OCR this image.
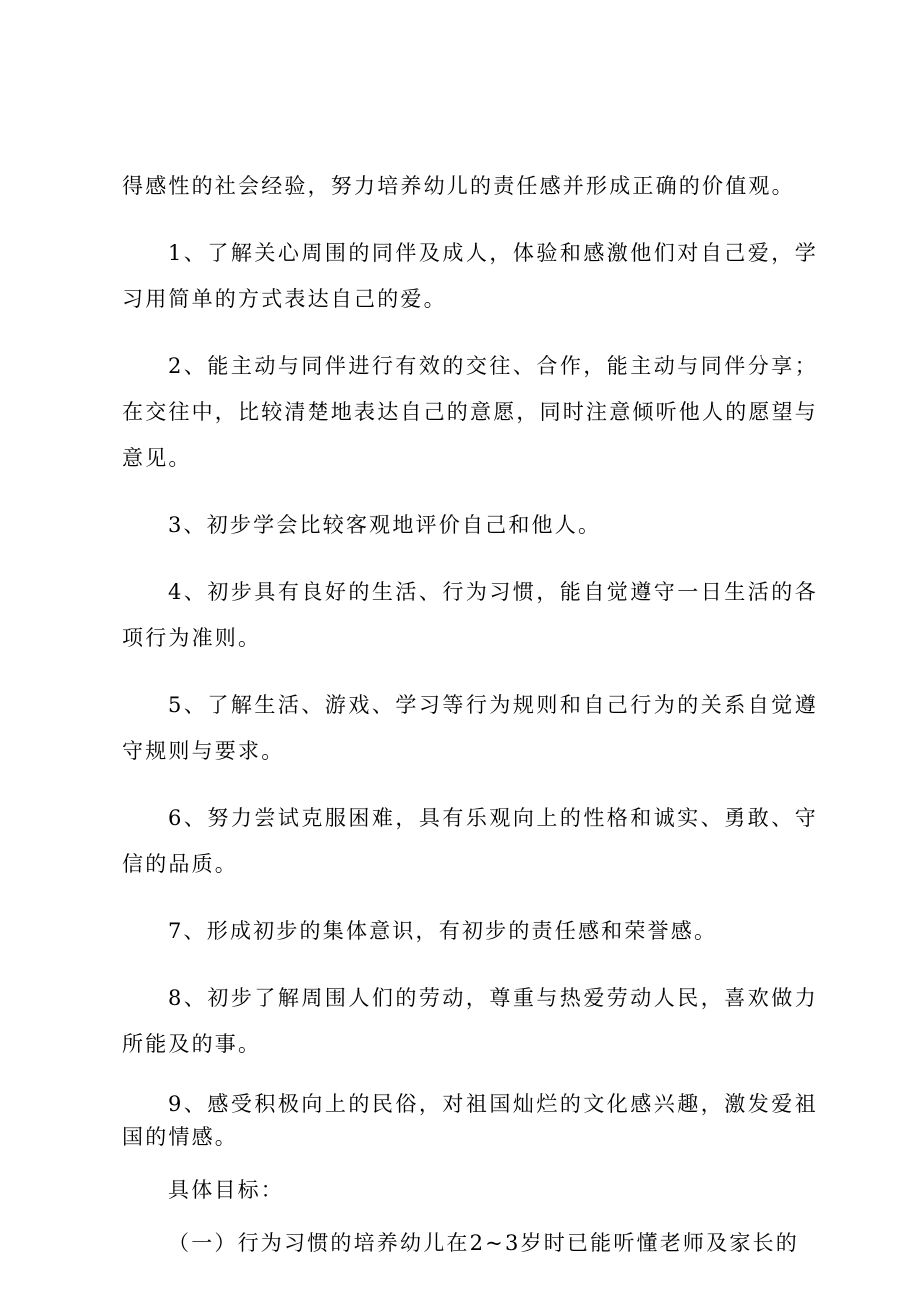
得感性的社会经验，努力培养幼儿的责任感并形成正确的价值观。

1、了解关心周围的同伴及成人，体验和感激他们对自己爱，学习用简单的方式表达自己的爱。

2、能主动与同伴进行有效的交往、合作，能主动与同伴分享；在交往中，比较清楚地表达自己的意愿，同时注意倾听他人的愿望与意见。

3、初步学会比较客观地评价自己和他人。

4、初步具有良好的生活、行为习惯，能自觉遵守一日生活的各项行为准则。

5、了解生活、游戏、学习等行为规则和自己行为的关系自觉遵守规则与要求。

6、努力尝试克服困难，具有乐观向上的性格和诚实、勇敢、守信的品质。

7、形成初步的集体意识，有初步的责任感和荣誉感。

8、初步了解周围人们的劳动，尊重与热爱劳动人民，喜欢做力所能及的事。

9、感受积极向上的民俗，对祖国灿烂的文化感兴趣，激发爱祖国的情感。

具体目标：

（一）行为习惯的培养幼儿在2~3岁时已能听懂老师及家长的
